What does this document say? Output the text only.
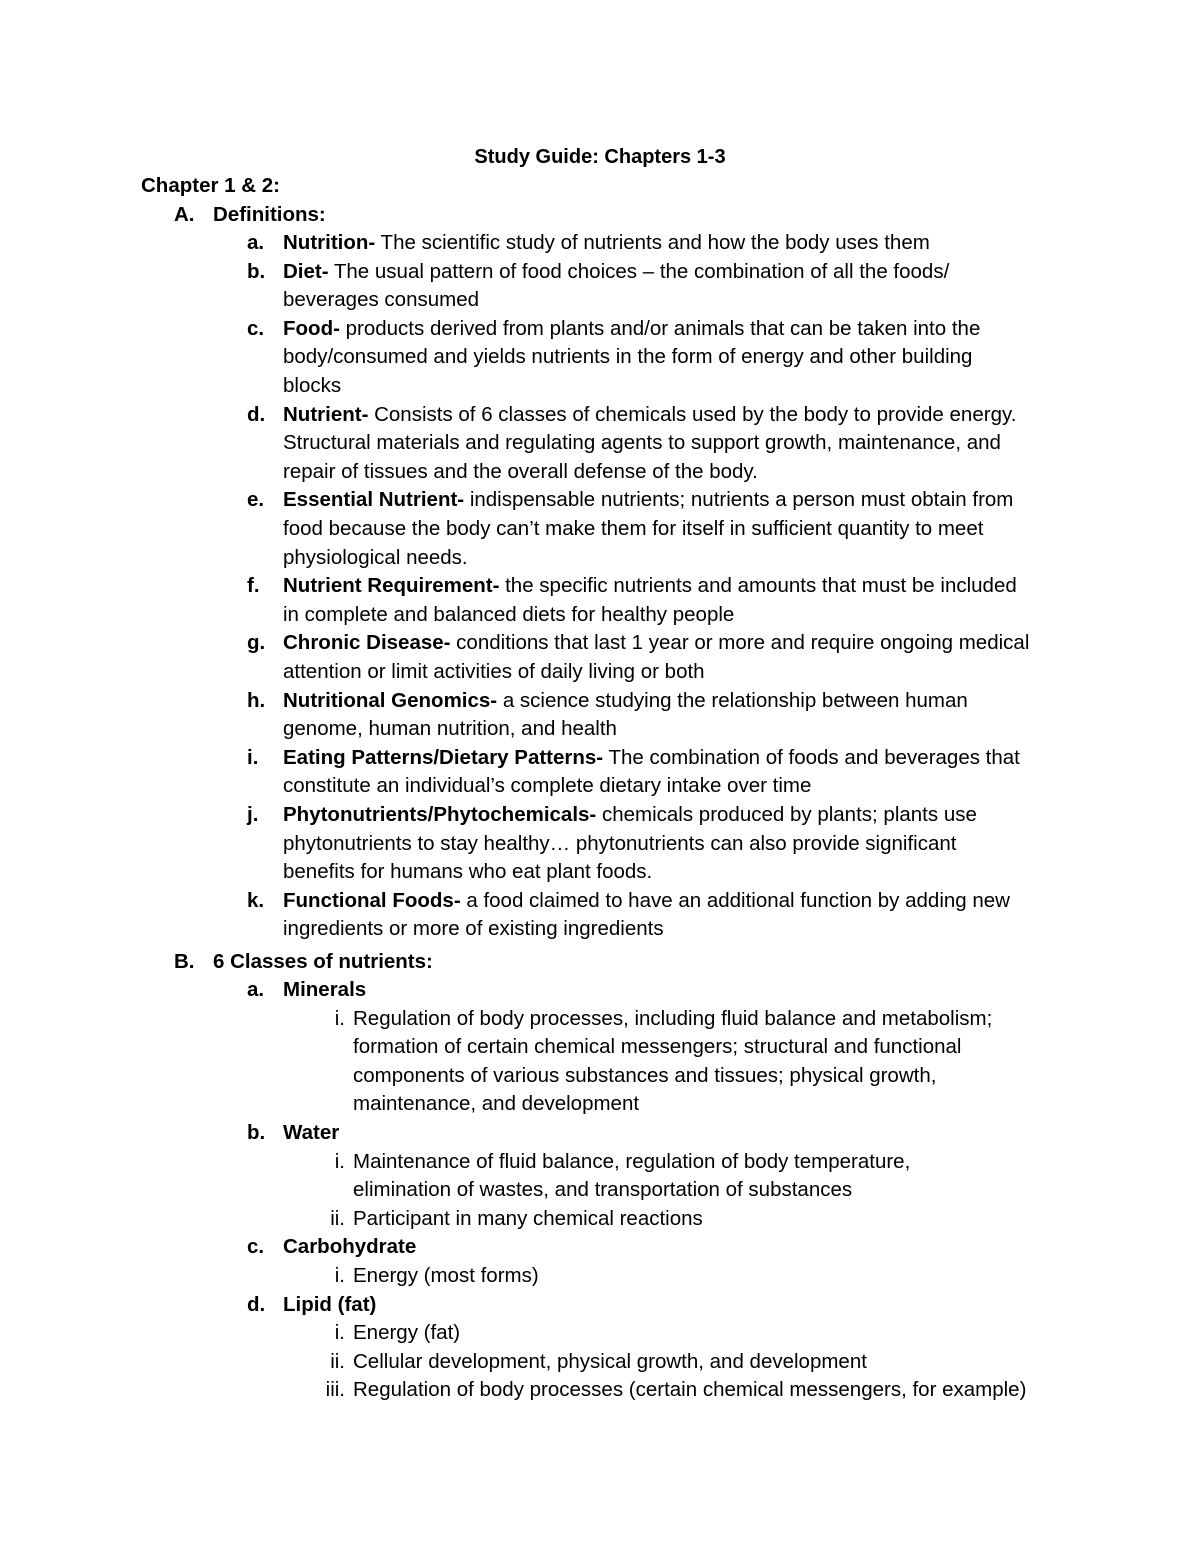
Study Guide: Chapters 1-3
Chapter 1 & 2:
A. Definitions:
a. Nutrition- The scientific study of nutrients and how the body uses them
b. Diet- The usual pattern of food choices – the combination of all the foods/
beverages consumed
c. Food- products derived from plants and/or animals that can be taken into the
body/consumed and yields nutrients in the form of energy and other building
blocks
d. Nutrient- Consists of 6 classes of chemicals used by the body to provide energy.
Structural materials and regulating agents to support growth, maintenance, and
repair of tissues and the overall defense of the body.
e. Essential Nutrient- indispensable nutrients; nutrients a person must obtain from
food because the body can’t make them for itself in sufficient quantity to meet
physiological needs.
f. Nutrient Requirement- the specific nutrients and amounts that must be included
in complete and balanced diets for healthy people
g. Chronic Disease- conditions that last 1 year or more and require ongoing medical
attention or limit activities of daily living or both
h. Nutritional Genomics- a science studying the relationship between human
genome, human nutrition, and health
i. Eating Patterns/Dietary Patterns- The combination of foods and beverages that
constitute an individual’s complete dietary intake over time
j. Phytonutrients/Phytochemicals- chemicals produced by plants; plants use
phytonutrients to stay healthy… phytonutrients can also provide significant
benefits for humans who eat plant foods.
k. Functional Foods- a food claimed to have an additional function by adding new
ingredients or more of existing ingredients
B. 6 Classes of nutrients:
a. Minerals
i. Regulation of body processes, including fluid balance and metabolism;
formation of certain chemical messengers; structural and functional
components of various substances and tissues; physical growth,
maintenance, and development
b. Water
i. Maintenance of fluid balance, regulation of body temperature,
elimination of wastes, and transportation of substances
ii. Participant in many chemical reactions
c. Carbohydrate
i. Energy (most forms)
d. Lipid (fat)
i. Energy (fat)
ii. Cellular development, physical growth, and development
iii. Regulation of body processes (certain chemical messengers, for example)
